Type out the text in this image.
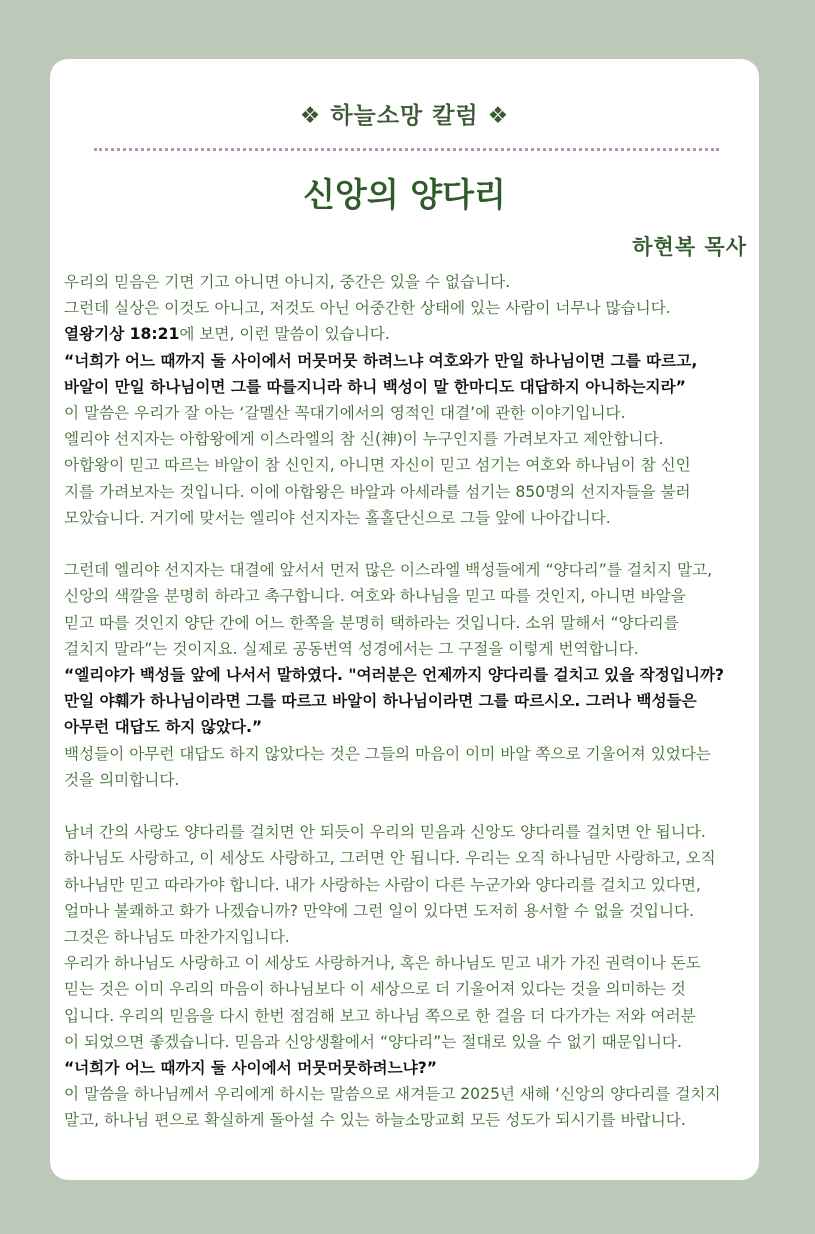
❖ 하늘소망 칼럼 ❖
신앙의 양다리
하현복 목사

우리의 믿음은 기면 기고 아니면 아니지, 중간은 있을 수 없습니다.

그런데 실상은 이것도 아니고, 저것도 아닌 어중간한 상태에 있는 사람이 너무나 많습니다.

열왕기상 18:21에 보면, 이런 말씀이 있습니다.

“너희가 어느 때까지 둘 사이에서 머뭇머뭇 하려느냐 여호와가 만일 하나님이면 그를 따르고,

바알이 만일 하나님이면 그를 따를지니라 하니 백성이 말 한마디도 대답하지 아니하는지라”

이 말씀은 우리가 잘 아는 ‘갈멜산 꼭대기에서의 영적인 대결’에 관한 이야기입니다.

엘리야 선지자는 아합왕에게 이스라엘의 참 신(神)이 누구인지를 가려보자고 제안합니다.

아합왕이 믿고 따르는 바알이 참 신인지, 아니면 자신이 믿고 섬기는 여호와 하나님이 참 신인

지를 가려보자는 것입니다. 이에 아합왕은 바알과 아세라를 섬기는 850명의 선지자들을 불러

모았습니다. 거기에 맞서는 엘리야 선지자는 홀홀단신으로 그들 앞에 나아갑니다.

그런데 엘리야 선지자는 대결에 앞서서 먼저 많은 이스라엘 백성들에게 “양다리”를 걸치지 말고,

신앙의 색깔을 분명히 하라고 촉구합니다. 여호와 하나님을 믿고 따를 것인지, 아니면 바알을

믿고 따를 것인지 양단 간에 어느 한쪽을 분명히 택하라는 것입니다. 소위 말해서 “양다리를

걸치지 말라”는 것이지요. 실제로 공동번역 성경에서는 그 구절을 이렇게 번역합니다.

“엘리야가 백성들 앞에 나서서 말하였다. "여러분은 언제까지 양다리를 걸치고 있을 작정입니까?

만일 야훼가 하나님이라면 그를 따르고 바알이 하나님이라면 그를 따르시오. 그러나 백성들은

아무런 대답도 하지 않았다.”

백성들이 아무런 대답도 하지 않았다는 것은 그들의 마음이 이미 바알 쪽으로 기울어져 있었다는

것을 의미합니다.

남녀 간의 사랑도 양다리를 걸치면 안 되듯이 우리의 믿음과 신앙도 양다리를 걸치면 안 됩니다.

하나님도 사랑하고, 이 세상도 사랑하고, 그러면 안 됩니다. 우리는 오직 하나님만 사랑하고, 오직

하나님만 믿고 따라가야 합니다. 내가 사랑하는 사람이 다른 누군가와 양다리를 걸치고 있다면,

얼마나 불쾌하고 화가 나겠습니까? 만약에 그런 일이 있다면 도저히 용서할 수 없을 것입니다.

그것은 하나님도 마찬가지입니다.

우리가 하나님도 사랑하고 이 세상도 사랑하거나, 혹은 하나님도 믿고 내가 가진 권력이나 돈도

믿는 것은 이미 우리의 마음이 하나님보다 이 세상으로 더 기울어져 있다는 것을 의미하는 것

입니다. 우리의 믿음을 다시 한번 점검해 보고 하나님 쪽으로 한 걸음 더 다가가는 저와 여러분

이 되었으면 좋겠습니다. 믿음과 신앙생활에서 “양다리”는 절대로 있을 수 없기 때문입니다.

“너희가 어느 때까지 둘 사이에서 머뭇머뭇하려느냐?”

이 말씀을 하나님께서 우리에게 하시는 말씀으로 새겨듣고 2025년 새해 ‘신앙의 양다리를 걸치지

말고, 하나님 편으로 확실하게 돌아설 수 있는 하늘소망교회 모든 성도가 되시기를 바랍니다.
